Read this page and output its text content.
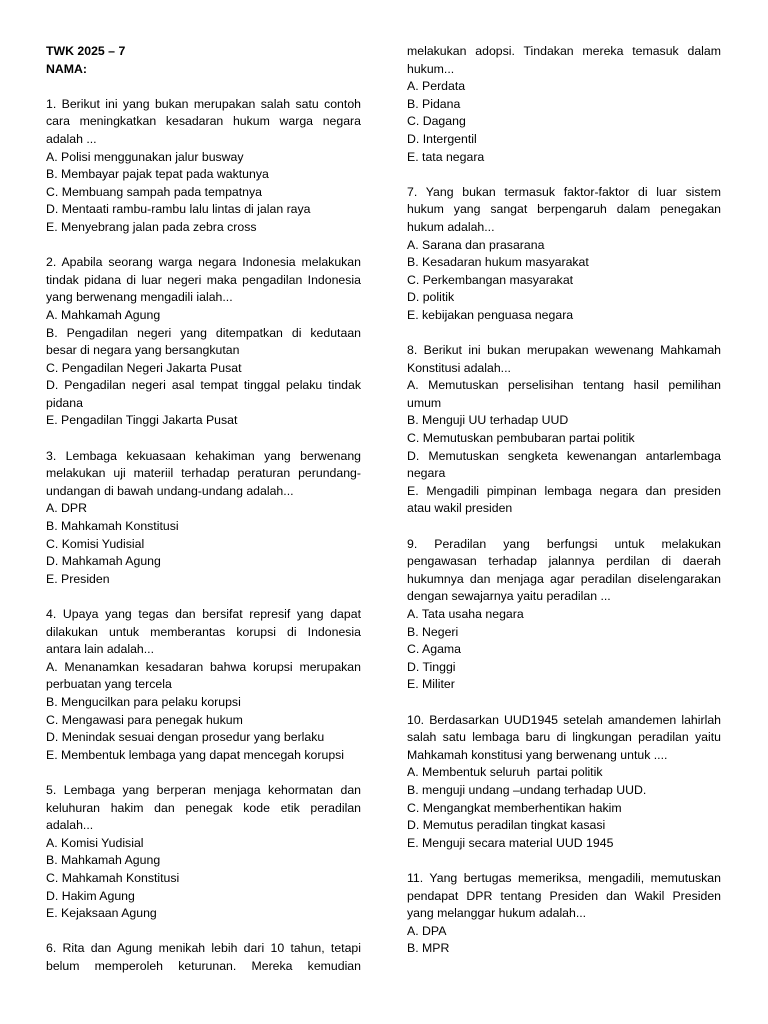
TWK 2025 – 7

NAMA:

1. Berikut ini yang bukan merupakan salah satu contoh cara meningkatkan kesadaran hukum warga negara adalah ...

A. Polisi menggunakan jalur busway

B. Membayar pajak tepat pada waktunya

C. Membuang sampah pada tempatnya

D. Mentaati rambu-rambu lalu lintas di jalan raya

E. Menyebrang jalan pada zebra cross

2. Apabila seorang warga negara Indonesia melakukan tindak pidana di luar negeri maka pengadilan Indonesia yang berwenang mengadili ialah...

A. Mahkamah Agung

B. Pengadilan negeri yang ditempatkan di kedutaan besar di negara yang bersangkutan

C. Pengadilan Negeri Jakarta Pusat

D. Pengadilan negeri asal tempat tinggal pelaku tindak pidana

E. Pengadilan Tinggi Jakarta Pusat

3. Lembaga kekuasaan kehakiman yang berwenang melakukan uji materiil terhadap peraturan perundang-undangan di bawah undang-undang adalah...

A. DPR

B. Mahkamah Konstitusi

C. Komisi Yudisial

D. Mahkamah Agung

E. Presiden

4. Upaya yang tegas dan bersifat represif yang dapat dilakukan untuk memberantas korupsi di Indonesia antara lain adalah...

A. Menanamkan kesadaran bahwa korupsi merupakan perbuatan yang tercela

B. Mengucilkan para pelaku korupsi

C. Mengawasi para penegak hukum

D. Menindak sesuai dengan prosedur yang berlaku

E. Membentuk lembaga yang dapat mencegah korupsi

5. Lembaga yang berperan menjaga kehormatan dan keluhuran hakim dan penegak kode etik peradilan adalah...

A. Komisi Yudisial

B. Mahkamah Agung

C. Mahkamah Konstitusi

D. Hakim Agung

E. Kejaksaan Agung

6. Rita dan Agung menikah lebih dari 10 tahun, tetapi belum memperoleh keturunan. Mereka kemudian

melakukan adopsi. Tindakan mereka temasuk dalam hukum...

A. Perdata

B. Pidana

C. Dagang

D. Intergentil

E. tata negara

7. Yang bukan termasuk faktor-faktor di luar sistem hukum yang sangat berpengaruh dalam penegakan hukum adalah...

A. Sarana dan prasarana

B. Kesadaran hukum masyarakat

C. Perkembangan masyarakat

D. politik

E. kebijakan penguasa negara

8. Berikut ini bukan merupakan wewenang Mahkamah Konstitusi adalah...

A. Memutuskan perselisihan tentang hasil pemilihan umum

B. Menguji UU terhadap UUD

C. Memutuskan pembubaran partai politik

D. Memutuskan sengketa kewenangan antarlembaga negara

E. Mengadili pimpinan lembaga negara dan presiden atau wakil presiden

9. Peradilan yang berfungsi untuk melakukan pengawasan terhadap jalannya perdilan di daerah hukumnya dan menjaga agar peradilan diselengarakan dengan sewajarnya yaitu peradilan ...

A. Tata usaha negara

B. Negeri

C. Agama

D. Tinggi

E. Militer

10. Berdasarkan UUD1945 setelah amandemen lahirlah salah satu lembaga baru di lingkungan peradilan yaitu Mahkamah konstitusi yang berwenang untuk ....

A. Membentuk seluruh  partai politik

B. menguji undang –undang terhadap UUD.

C. Mengangkat memberhentikan hakim

D. Memutus peradilan tingkat kasasi

E. Menguji secara material UUD 1945

11. Yang bertugas memeriksa, mengadili, memutuskan pendapat DPR tentang Presiden dan Wakil Presiden yang melanggar hukum adalah...

A. DPA

B. MPR
